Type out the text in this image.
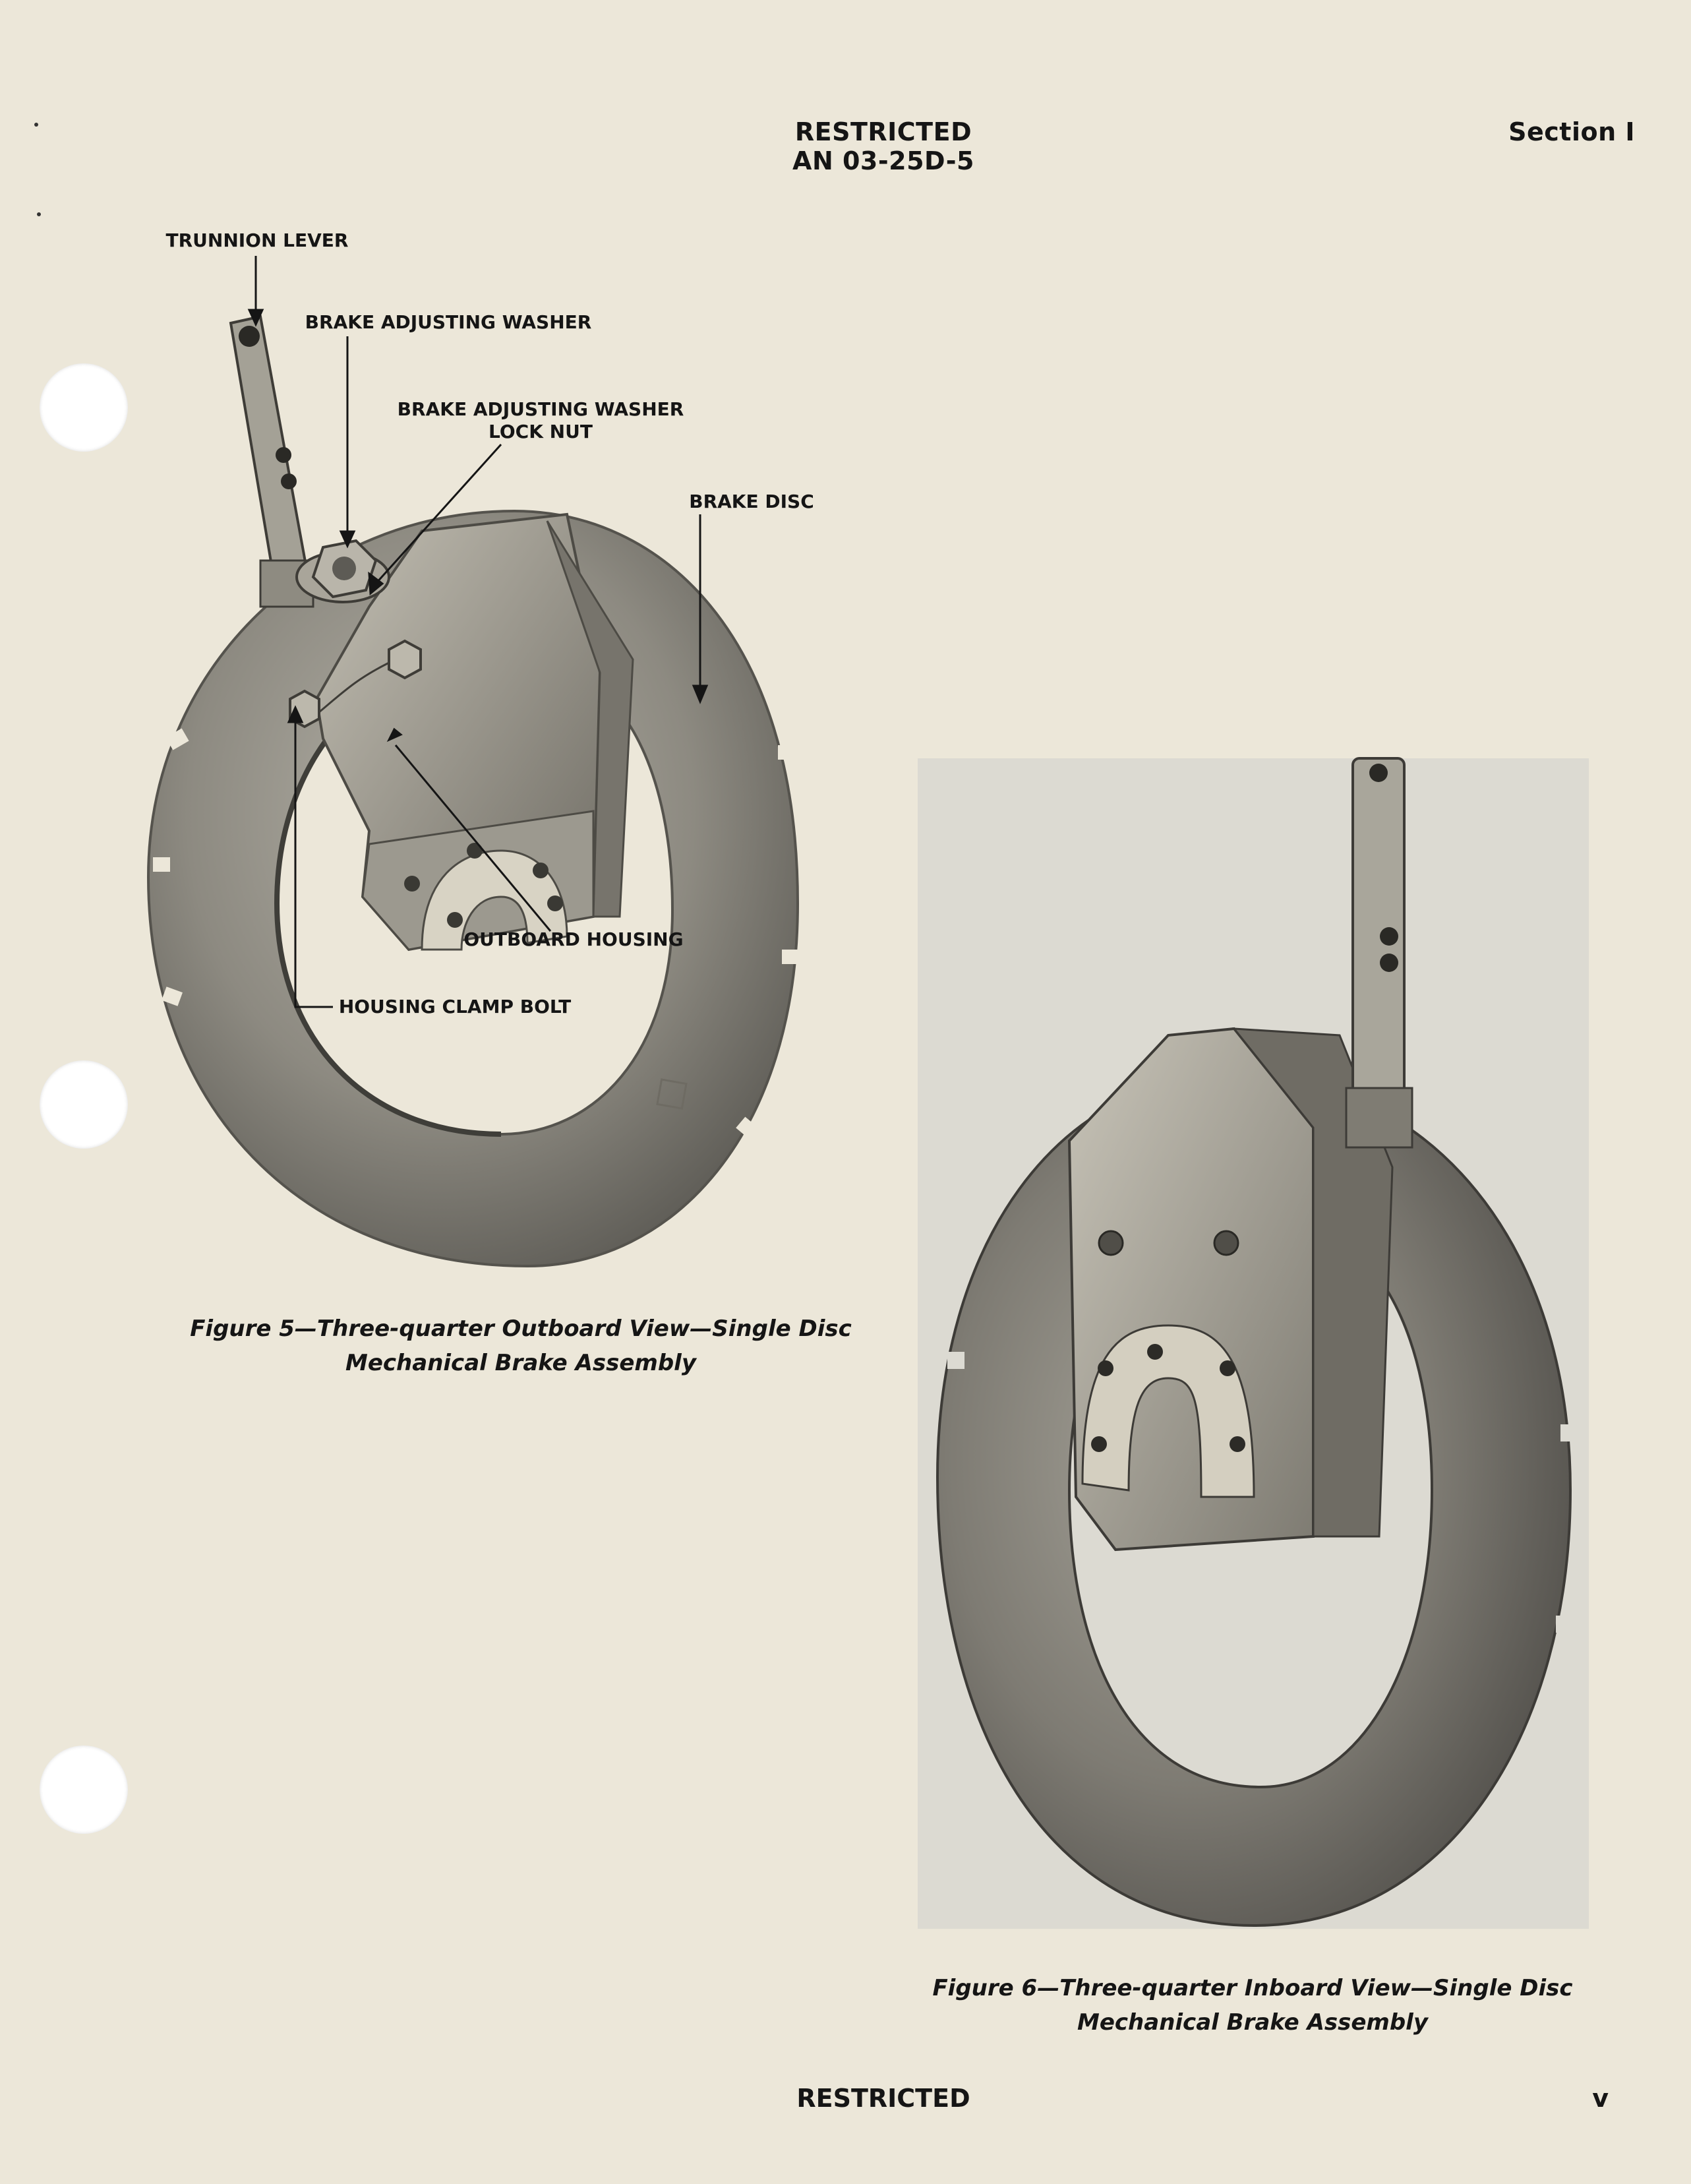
RESTRICTED
AN 03-25D-5
Section I
TRUNNION LEVER
BRAKE ADJUSTING WASHER
BRAKE ADJUSTING WASHER
LOCK NUT
BRAKE DISC
OUTBOARD HOUSING
HOUSING CLAMP BOLT
Figure 5—Three-quarter Outboard View—Single Disc
Mechanical Brake Assembly
Figure 6—Three-quarter Inboard View—Single Disc
Mechanical Brake Assembly
RESTRICTED	v
